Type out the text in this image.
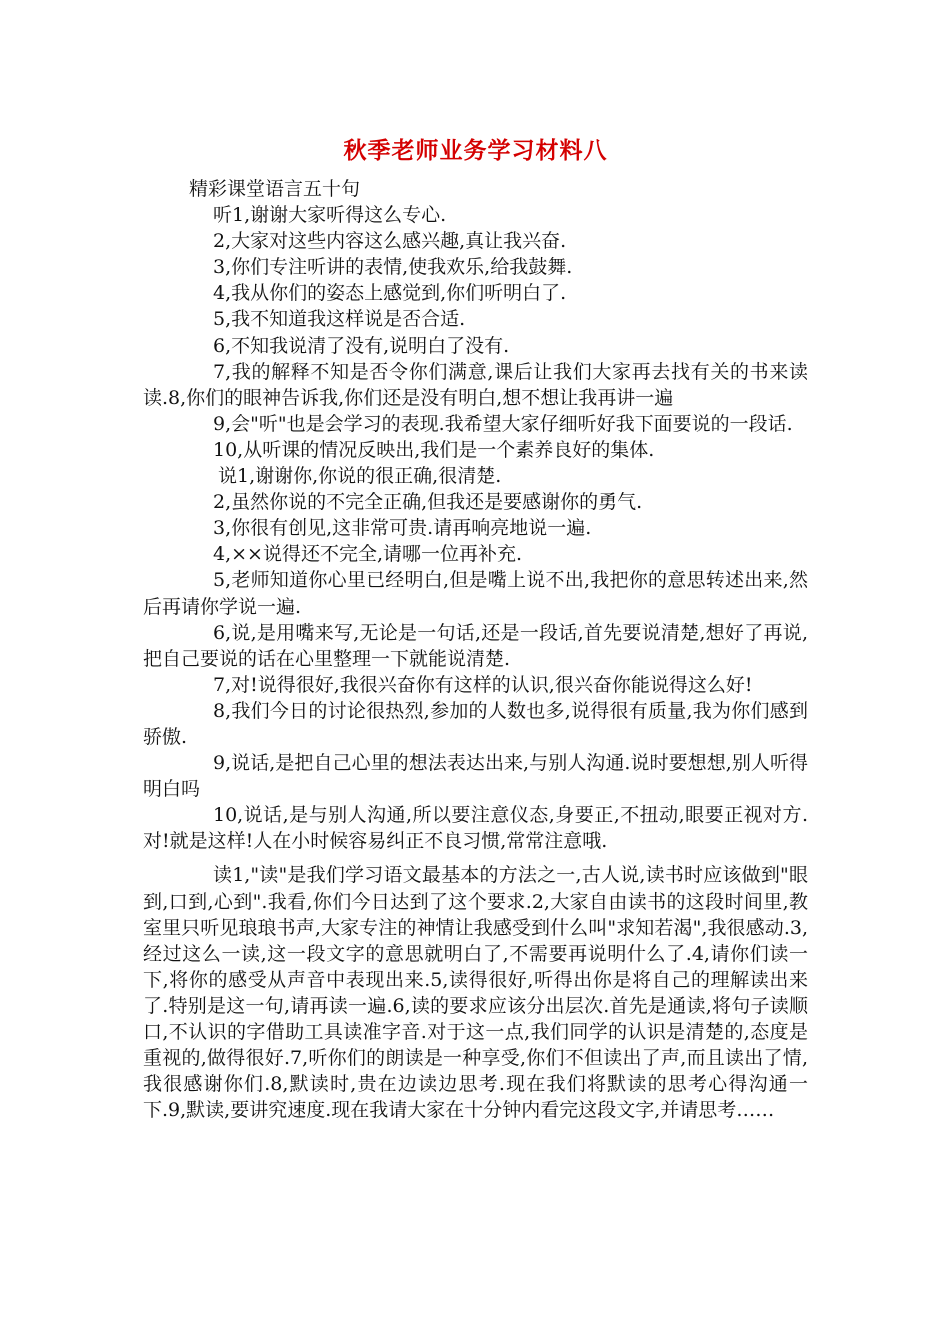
秋季老师业务学习材料八
精彩课堂语言五十句

听1,谢谢大家听得这么专心.

2,大家对这些内容这么感兴趣,真让我兴奋.

3,你们专注听讲的表情,使我欢乐,给我鼓舞.

4,我从你们的姿态上感觉到,你们听明白了.

5,我不知道我这样说是否合适.

6,不知我说清了没有,说明白了没有.

7,我的解释不知是否令你们满意,课后让我们大家再去找有关的书来读读.8,你们的眼神告诉我,你们还是没有明白,想不想让我再讲一遍

9,会"听"也是会学习的表现.我希望大家仔细听好我下面要说的一段话.

10,从听课的情况反映出,我们是一个素养良好的集体.

说1,谢谢你,你说的很正确,很清楚.

2,虽然你说的不完全正确,但我还是要感谢你的勇气.

3,你很有创见,这非常可贵.请再响亮地说一遍.

4,××说得还不完全,请哪一位再补充.

5,老师知道你心里已经明白,但是嘴上说不出,我把你的意思转述出来,然后再请你学说一遍.

6,说,是用嘴来写,无论是一句话,还是一段话,首先要说清楚,想好了再说,把自己要说的话在心里整理一下就能说清楚.

7,对!说得很好,我很兴奋你有这样的认识,很兴奋你能说得这么好!

8,我们今日的讨论很热烈,参加的人数也多,说得很有质量,我为你们感到骄傲.

9,说话,是把自己心里的想法表达出来,与别人沟通.说时要想想,别人听得明白吗

10,说话,是与别人沟通,所以要注意仪态,身要正,不扭动,眼要正视对方.对!就是这样!人在小时候容易纠正不良习惯,常常注意哦.

读1,"读"是我们学习语文最基本的方法之一,古人说,读书时应该做到"眼到,口到,心到".我看,你们今日达到了这个要求.2,大家自由读书的这段时间里,教室里只听见琅琅书声,大家专注的神情让我感受到什么叫"求知若渴",我很感动.3,经过这么一读,这一段文字的意思就明白了,不需要再说明什么了.4,请你们读一下,将你的感受从声音中表现出来.5,读得很好,听得出你是将自己的理解读出来了.特别是这一句,请再读一遍.6,读的要求应该分出层次.首先是通读,将句子读顺口,不认识的字借助工具读准字音.对于这一点,我们同学的认识是清楚的,态度是重视的,做得很好.7,听你们的朗读是一种享受,你们不但读出了声,而且读出了情,我很感谢你们.8,默读时,贵在边读边思考.现在我们将默读的思考心得沟通一下.9,默读,要讲究速度.现在我请大家在十分钟内看完这段文字,并请思考……
